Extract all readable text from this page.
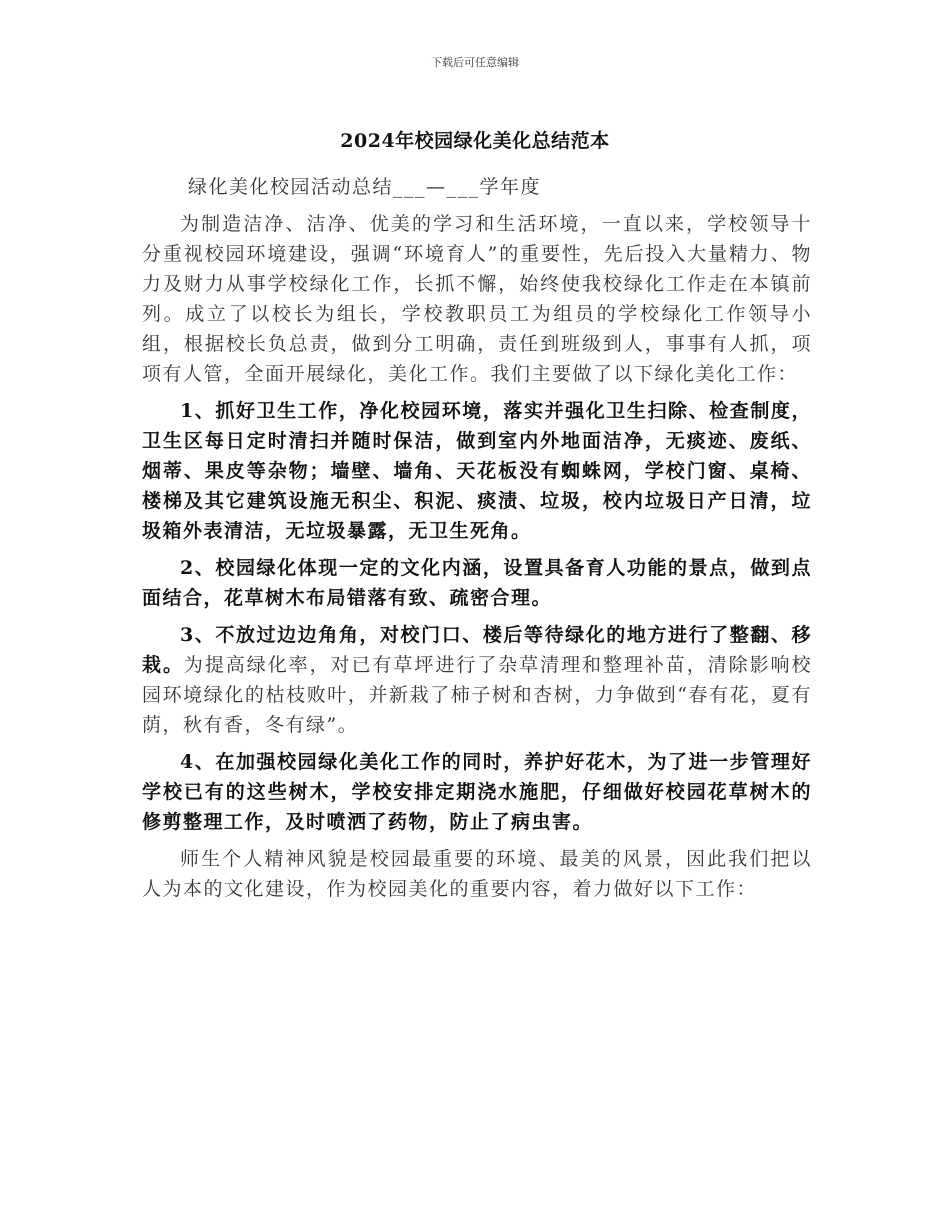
下载后可任意编辑
2024年校园绿化美化总结范本

绿化美化校园活动总结___—___学年度

为制造洁净、洁净、优美的学习和生活环境，一直以来，学校领导十分重视校园环境建设，强调“环境育人”的重要性，先后投入大量精力、物力及财力从事学校绿化工作，长抓不懈，始终使我校绿化工作走在本镇前列。成立了以校长为组长，学校教职员工为组员的学校绿化工作领导小组，根据校长负总责，做到分工明确，责任到班级到人，事事有人抓，项项有人管，全面开展绿化，美化工作。我们主要做了以下绿化美化工作：

1、抓好卫生工作，净化校园环境，落实并强化卫生扫除、检查制度，卫生区每日定时清扫并随时保洁，做到室内外地面洁净，无痰迹、废纸、烟蒂、果皮等杂物；墙壁、墙角、天花板没有蜘蛛网，学校门窗、桌椅、楼梯及其它建筑设施无积尘、积泥、痰渍、垃圾，校内垃圾日产日清，垃圾箱外表清洁，无垃圾暴露，无卫生死角。

2、校园绿化体现一定的文化内涵，设置具备育人功能的景点，做到点面结合，花草树木布局错落有致、疏密合理。

3、不放过边边角角，对校门口、楼后等待绿化的地方进行了整翻、移栽。为提高绿化率，对已有草坪进行了杂草清理和整理补苗，清除影响校园环境绿化的枯枝败叶，并新栽了柿子树和杏树，力争做到“春有花，夏有荫，秋有香，冬有绿”。

4、在加强校园绿化美化工作的同时，养护好花木，为了进一步管理好学校已有的这些树木，学校安排定期浇水施肥，仔细做好校园花草树木的修剪整理工作，及时喷洒了药物，防止了病虫害。

师生个人精神风貌是校园最重要的环境、最美的风景，因此我们把以人为本的文化建设，作为校园美化的重要内容，着力做好以下工作：
